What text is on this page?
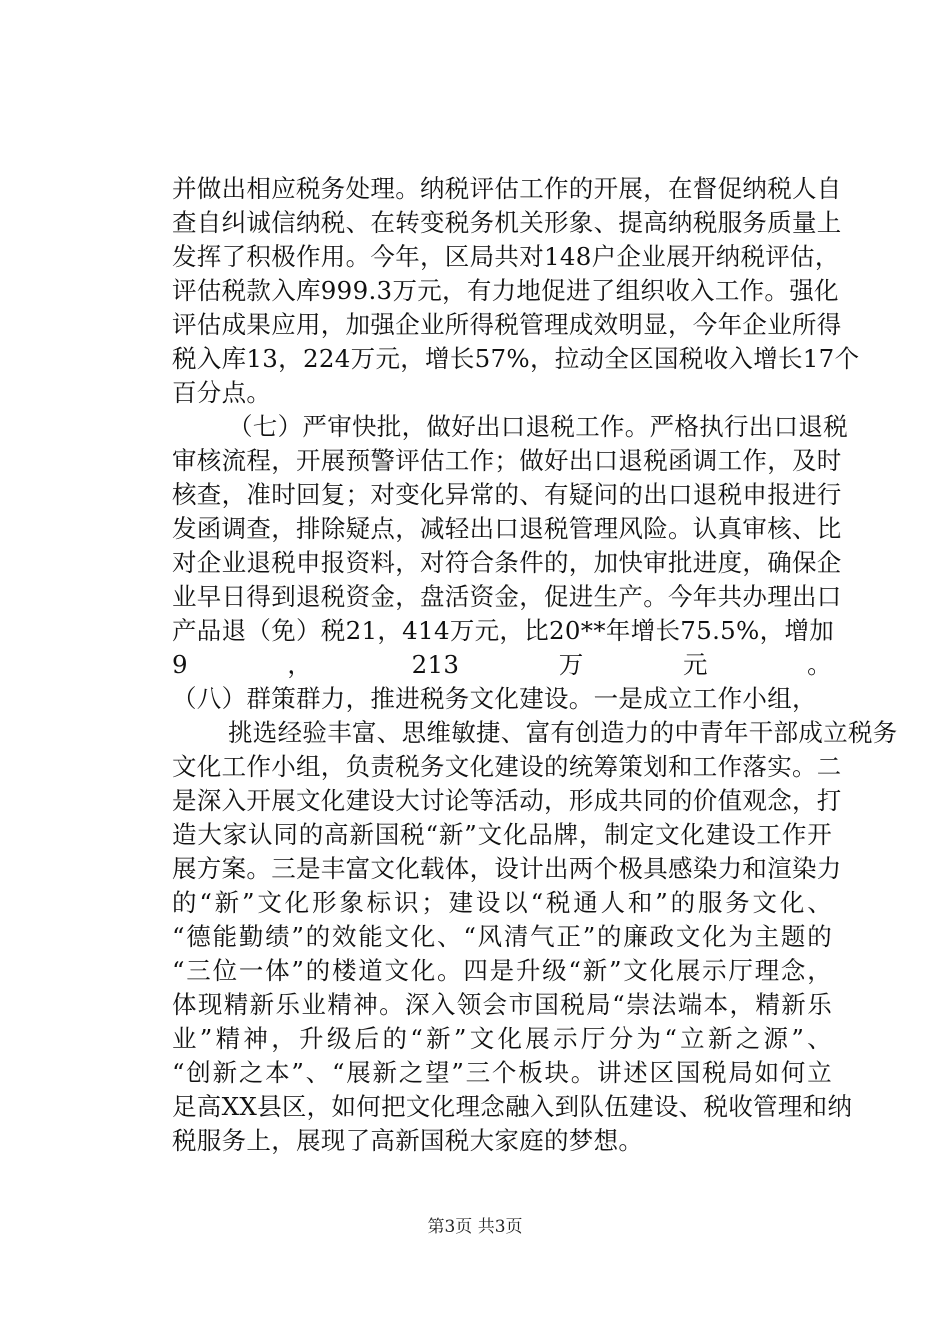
并做出相应税务处理。纳税评估工作的开展，在督促纳税人自
查自纠诚信纳税、在转变税务机关形象、提高纳税服务质量上
发挥了积极作用。今年，区局共对148户企业展开纳税评估，
评估税款入库999.3万元，有力地促进了组织收入工作。强化
评估成果应用，加强企业所得税管理成效明显，今年企业所得
税入库13，224万元，增长57%，拉动全区国税收入增长17个
百分点。
（七）严审快批，做好出口退税工作。严格执行出口退税
审核流程，开展预警评估工作；做好出口退税函调工作，及时
核查，准时回复；对变化异常的、有疑问的出口退税申报进行
发函调查，排除疑点，减轻出口退税管理风险。认真审核、比
对企业退税申报资料，对符合条件的，加快审批进度，确保企
业早日得到退税资金，盘活资金，促进生产。今年共办理出口
产品退（免）税21，414万元，比20**年增长75.5%，增加
9，213万元。
（八）群策群力，推进税务文化建设。一是成立工作小组，
挑选经验丰富、思维敏捷、富有创造力的中青年干部成立税务
文化工作小组，负责税务文化建设的统筹策划和工作落实。二
是深入开展文化建设大讨论等活动，形成共同的价值观念，打
造大家认同的高新国税“新”文化品牌，制定文化建设工作开
展方案。三是丰富文化载体，设计出两个极具感染力和渲染力
的“新”文化形象标识；建设以“税通人和”的服务文化、
“德能勤绩”的效能文化、“风清气正”的廉政文化为主题的
“三位一体”的楼道文化。四是升级“新”文化展示厅理念，
体现精新乐业精神。深入领会市国税局“崇法端本，精新乐
业”精神，升级后的“新”文化展示厅分为“立新之源”、
“创新之本”、“展新之望”三个板块。讲述区国税局如何立
足高XX县区，如何把文化理念融入到队伍建设、税收管理和纳
税服务上，展现了高新国税大家庭的梦想。
第3页 共3页
